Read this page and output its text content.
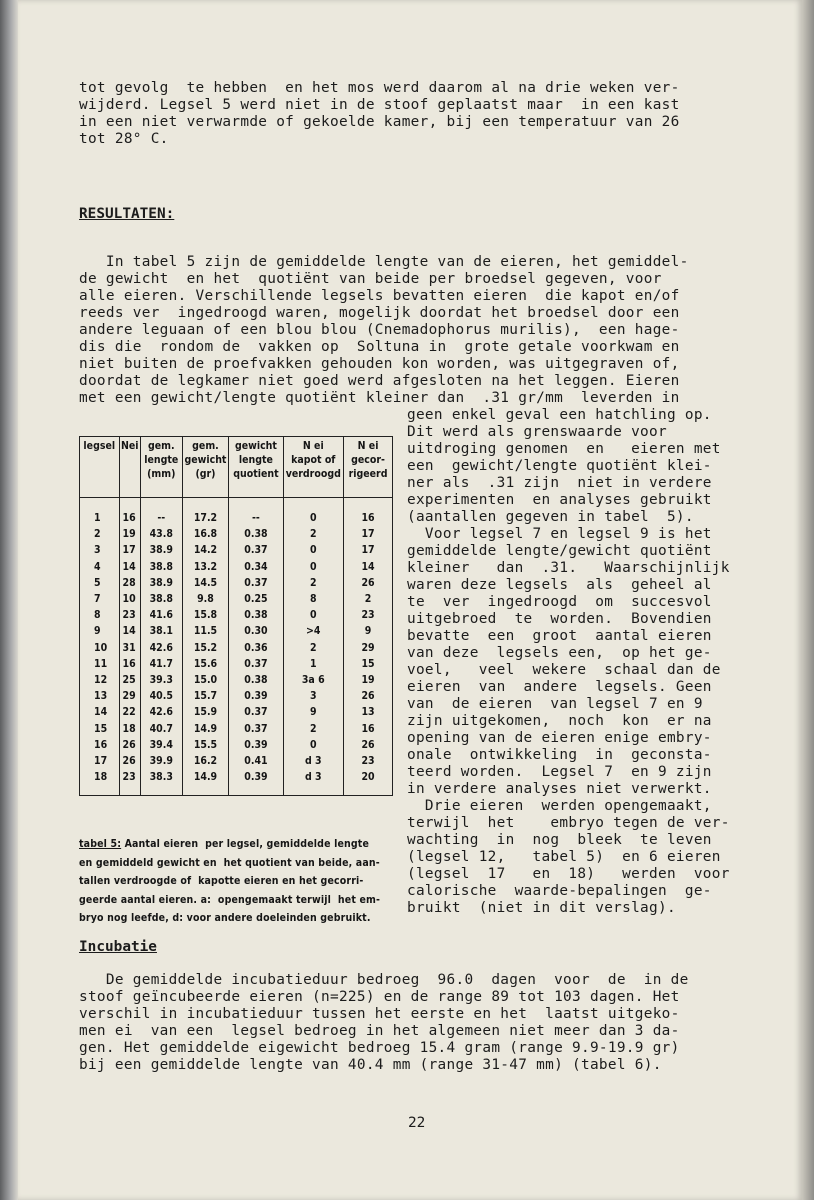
tot gevolg  te hebben  en het mos werd daarom al na drie weken ver-

wijderd. Legsel 5 werd niet in de stoof geplaatst maar  in een kast

in een niet verwarmde of gekoelde kamer, bij een temperatuur van 26

tot 28° C.

RESULTATEN:

In tabel 5 zijn de gemiddelde lengte van de eieren, het gemiddel-

de gewicht  en het  quotiënt van beide per broedsel gegeven, voor

alle eieren. Verschillende legsels bevatten eieren  die kapot en/of

reeds ver  ingedroogd waren, mogelijk doordat het broedsel door een

andere leguaan of een blou blou (Cnemadophorus murilis),  een hage-

dis die  rondom de  vakken op  Soltuna in  grote getale voorkwam en

niet buiten de proefvakken gehouden kon worden, was uitgegraven of,

doordat de legkamer niet goed werd afgesloten na het leggen. Eieren

met een gewicht/lengte quotiënt kleiner dan  .31 gr/mm  leverden in

geen enkel geval een hatchling op.

Dit werd als grenswaarde voor

uitdroging genomen  en   eieren met

een  gewicht/lengte quotiënt klei-

ner als  .31 zijn  niet in verdere

experimenten  en analyses gebruikt

(aantallen gegeven in tabel  5).

Voor legsel 7 en legsel 9 is het

gemiddelde lengte/gewicht quotiënt

kleiner   dan  .31.   Waarschijnlijk

waren deze legsels  als  geheel al

te  ver  ingedroogd  om  succesvol

uitgebroed  te  worden.  Bovendien

bevatte  een  groot  aantal eieren

van deze  legsels een,  op het ge-

voel,   veel  wekere  schaal dan de

eieren  van  andere  legsels. Geen

van  de eieren  van legsel 7 en 9

zijn uitgekomen,  noch  kon  er na

opening van de eieren enige embry-

onale  ontwikkeling  in  geconsta-

teerd worden.  Legsel 7  en 9 zijn

in verdere analyses niet verwerkt.

Drie eieren  werden opengemaakt,

terwijl  het    embryo tegen de ver-

wachting  in  nog  bleek  te leven

(legsel 12,   tabel 5)  en 6 eieren

(legsel  17   en  18)   werden  voor

calorische  waarde-bepalingen  ge-

bruikt  (niet in dit verslag).

legsel	Nei	gem.
lengte
(mm)	gem.
gewicht
(gr)	gewicht
lengte
quotient	N ei
kapot of
verdroogd	N ei
gecor-
rigeerd
1	16	--	17.2	--	0	16
2	19	43.8	16.8	0.38	2	17
3	17	38.9	14.2	0.37	0	17
4	14	38.8	13.2	0.34	0	14
5	28	38.9	14.5	0.37	2	26
7	10	38.8	9.8	0.25	8	2
8	23	41.6	15.8	0.38	0	23
9	14	38.1	11.5	0.30	>4	9
10	31	42.6	15.2	0.36	2	29
11	16	41.7	15.6	0.37	1	15
12	25	39.3	15.0	0.38	3a 6	19
13	29	40.5	15.7	0.39	3	26
14	22	42.6	15.9	0.37	9	13
15	18	40.7	14.9	0.37	2	16
16	26	39.4	15.5	0.39	0	26
17	26	39.9	16.2	0.41	d 3	23
18	23	38.3	14.9	0.39	d 3	20
tabel 5: Aantal eieren  per legsel, gemiddelde lengte
en gemiddeld gewicht en  het quotient van beide, aan-
tallen verdroogde of  kapotte eieren en het gecorri-
geerde aantal eieren. a:  opengemaakt terwijl  het em-
bryo nog leefde, d: voor andere doeleinden gebruikt.
Incubatie

De gemiddelde incubatieduur bedroeg  96.0  dagen  voor  de  in de

stoof geïncubeerde eieren (n=225) en de range 89 tot 103 dagen. Het

verschil in incubatieduur tussen het eerste en het  laatst uitgeko-

men ei  van een  legsel bedroeg in het algemeen niet meer dan 3 da-

gen. Het gemiddelde eigewicht bedroeg 15.4 gram (range 9.9-19.9 gr)

bij een gemiddelde lengte van 40.4 mm (range 31-47 mm) (tabel 6).

22
